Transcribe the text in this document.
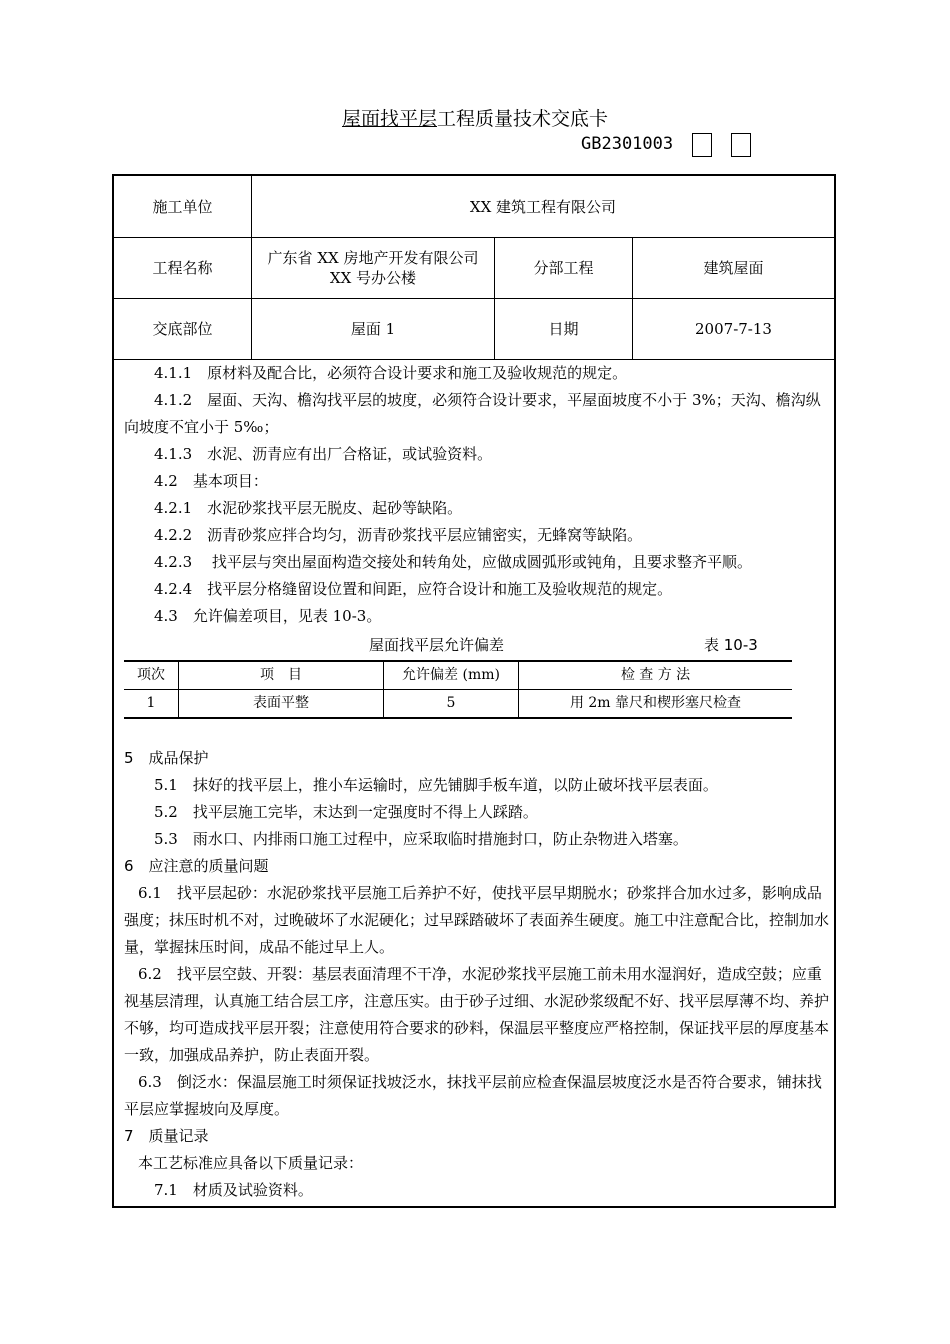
屋面找平层工程质量技术交底卡
GB2301003
施工单位	XX 建筑工程有限公司		
工程名称	广东省 XX 房地产开发有限公司 XX 号办公楼	分部工程	建筑屋面
交底部位	屋面 1	日期	2007-7-13

4.1.1　原材料及配合比，必须符合设计要求和施工及验收规范的规定。

4.1.2　屋面、天沟、檐沟找平层的坡度，必须符合设计要求，平屋面坡度不小于 3%；天沟、檐沟纵向坡度不宜小于 5‰；

4.1.3　水泥、沥青应有出厂合格证，或试验资料。

4.2　基本项目：

4.2.1　水泥砂浆找平层无脱皮、起砂等缺陷。

4.2.2　沥青砂浆应拌合均匀，沥青砂浆找平层应铺密实，无蜂窝等缺陷。

4.2.3　 找平层与突出屋面构造交接处和转角处，应做成圆弧形或钝角，且要求整齐平顺。

4.2.4　找平层分格缝留设位置和间距，应符合设计和施工及验收规范的规定。

4.3　允许偏差项目，见表 10-3。

屋面找平层允许偏差	表 10-3
项次	项　目	允许偏差 (mm)	检 查 方 法
1	表面平整	5	用 2m 靠尺和楔形塞尺检查

5　成品保护

5.1　抹好的找平层上，推小车运输时，应先铺脚手板车道，以防止破坏找平层表面。

5.2　找平层施工完毕，末达到一定强度时不得上人踩踏。

5.3　雨水口、内排雨口施工过程中，应采取临时措施封口，防止杂物进入塔塞。

6　应注意的质量问题

6.1　找平层起砂：水泥砂浆找平层施工后养护不好，使找平层早期脱水；砂浆拌合加水过多，影响成品强度；抹压时机不对，过晚破坏了水泥硬化；过早踩踏破坏了表面养生硬度。施工中注意配合比，控制加水量，掌握抹压时间，成品不能过早上人。

6.2　找平层空鼓、开裂：基层表面清理不干净，水泥砂浆找平层施工前未用水湿润好，造成空鼓；应重视基层清理，认真施工结合层工序，注意压实。由于砂子过细、水泥砂浆级配不好、找平层厚薄不均、养护不够，均可造成找平层开裂；注意使用符合要求的砂料，保温层平整度应严格控制，保证找平层的厚度基本一致，加强成品养护，防止表面开裂。

6.3　倒泛水：保温层施工时须保证找坡泛水，抹找平层前应检查保温层坡度泛水是否符合要求，铺抹找平层应掌握坡向及厚度。

7　质量记录

本工艺标准应具备以下质量记录：

7.1　材质及试验资料。
